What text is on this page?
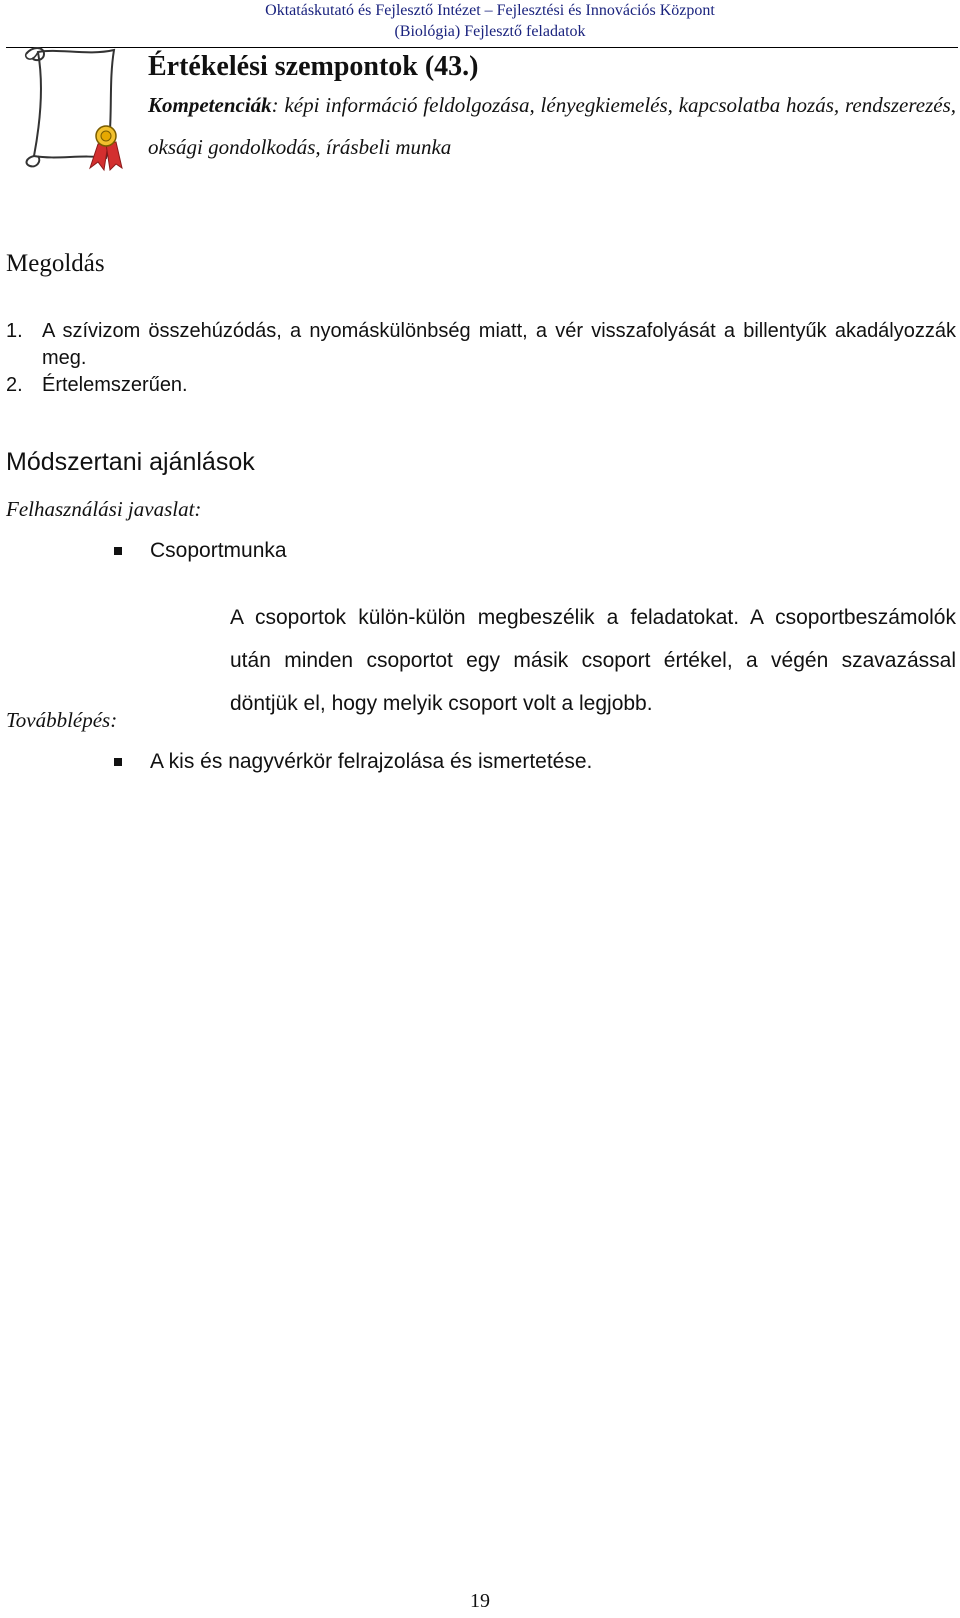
Oktatáskutató és Fejlesztő Intézet – Fejlesztési és Innovációs Központ
(Biológia) Fejlesztő feladatok
Értékelési szempontok (43.)

Kompetenciák: képi információ feldolgozása, lényegkiemelés, kapcsolatba hozás, rendszerezés, oksági gondolkodás, írásbeli munka

Megoldás
1. A szívizom összehúzódás, a nyomáskülönbség miatt, a vér visszafolyását a billentyűk akadályozzák meg.
2. Értelemszerűen.
Módszertani ajánlások
Felhasználási javaslat:
Csoportmunka
A csoportok külön-külön megbeszélik a feladatokat. A csoportbeszámolók után minden csoportot egy másik csoport értékel, a végén szavazással döntjük el, hogy melyik csoport volt a legjobb.
Továbblépés:
A kis és nagyvérkör felrajzolása és ismertetése.
19
